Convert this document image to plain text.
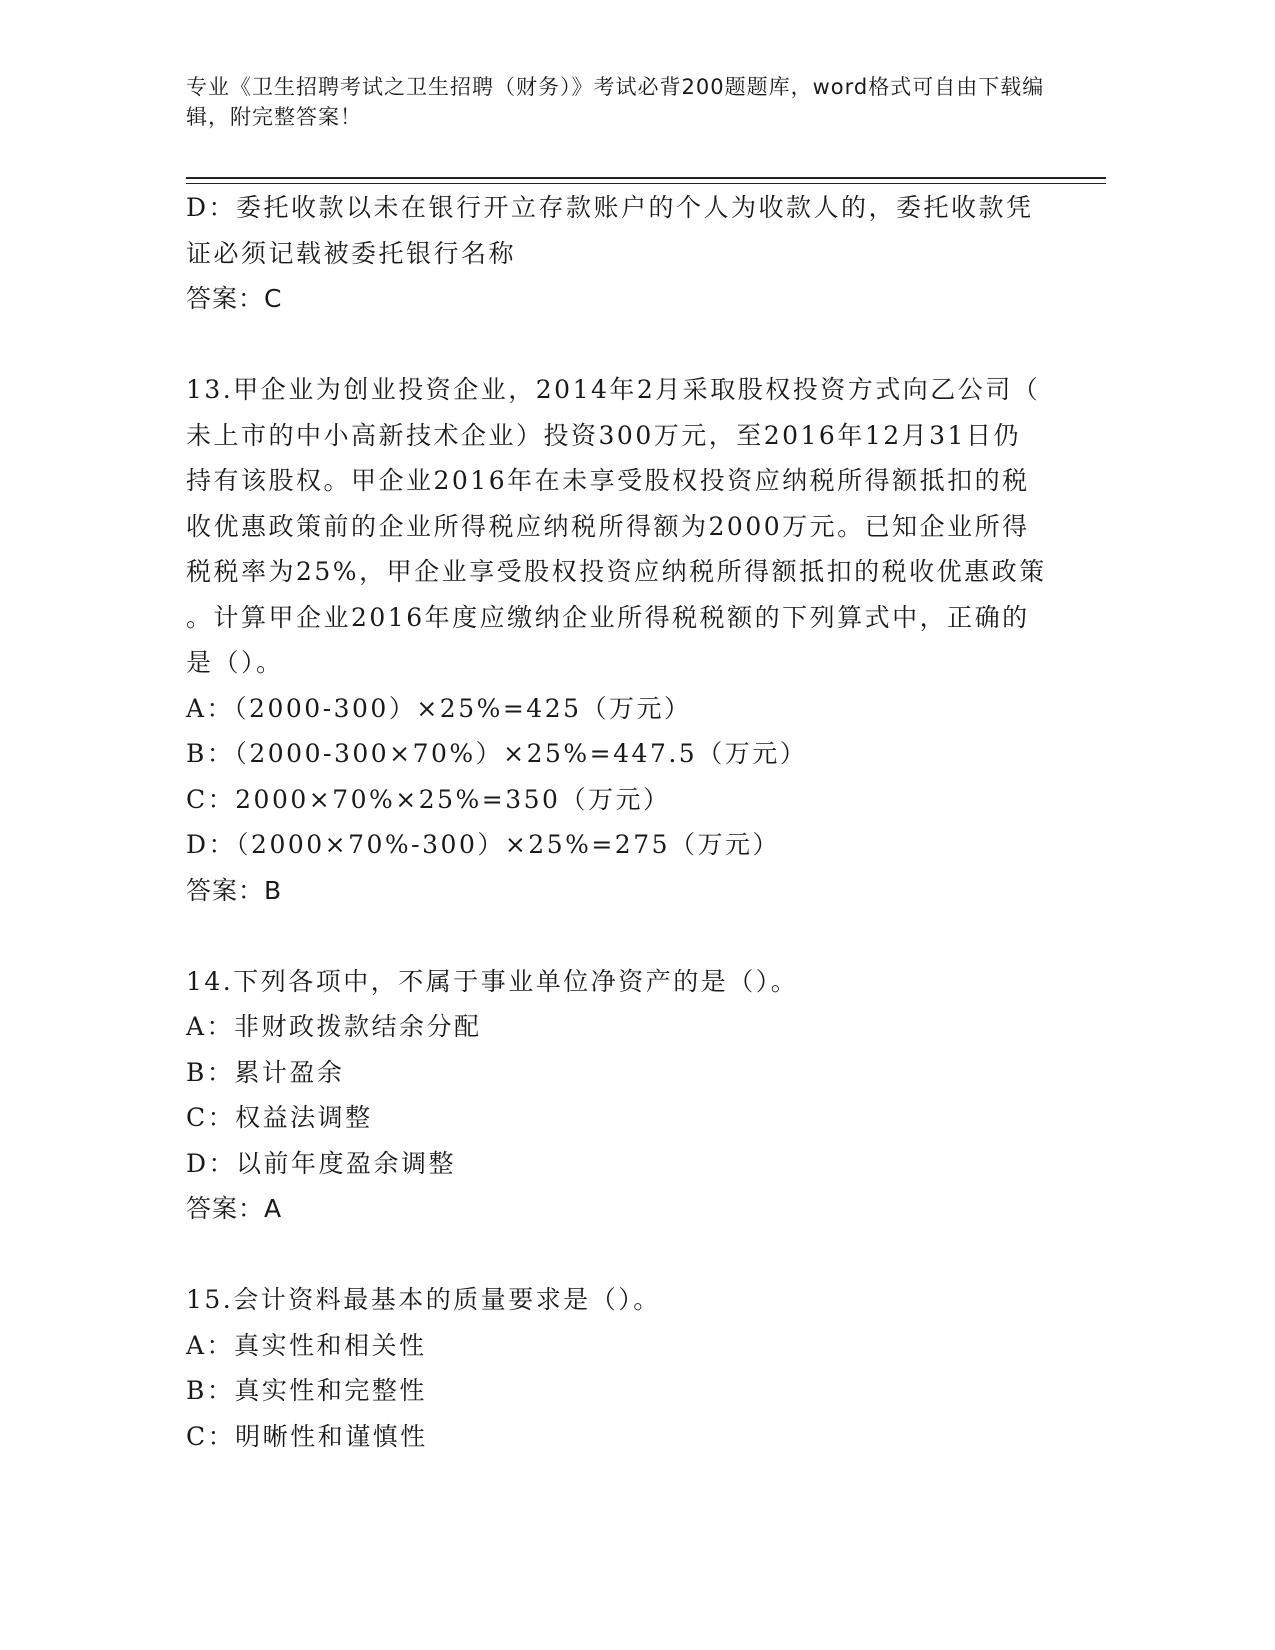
专业《卫生招聘考试之卫生招聘（财务）》考试必背200题题库，word格式可自由下载编辑，附完整答案！

D：委托收款以未在银行开立存款账户的个人为收款人的，委托收款凭

证必须记载被委托银行名称

答案：C

13.甲企业为创业投资企业，2014年2月采取股权投资方式向乙公司（

未上市的中小高新技术企业）投资300万元，至2016年12月31日仍

持有该股权。甲企业2016年在未享受股权投资应纳税所得额抵扣的税

收优惠政策前的企业所得税应纳税所得额为2000万元。已知企业所得

税税率为25%，甲企业享受股权投资应纳税所得额抵扣的税收优惠政策

。计算甲企业2016年度应缴纳企业所得税税额的下列算式中，正确的

是（）。

A：（2000-300）×25%=425（万元）

B：（2000-300×70%）×25%=447.5（万元）

C：2000×70%×25%=350（万元）

D：（2000×70%-300）×25%=275（万元）

答案：B

14.下列各项中，不属于事业单位净资产的是（）。

A：非财政拨款结余分配

B：累计盈余

C：权益法调整

D：以前年度盈余调整

答案：A

15.会计资料最基本的质量要求是（）。

A：真实性和相关性

B：真实性和完整性

C：明晰性和谨慎性
